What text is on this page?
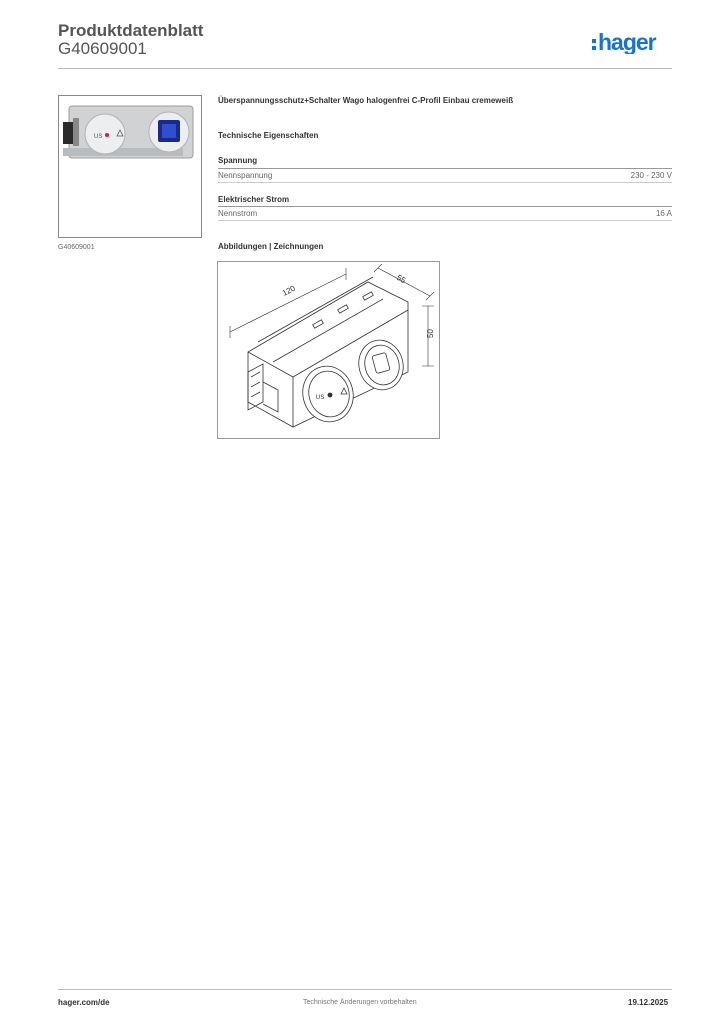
Produktdatenblatt
G40609001	hager
US
G40609001
Überspannungsschutz+Schalter Wago halogenfrei C-Profil Einbau cremeweiß
Technische Eigenschaften
Spannung
Nennspannung	230 - 230 V
Elektrischer Strom
Nennstrom	16 A
Abbildungen | Zeichnungen
US
120
55
50
hager.com/de	Technische Änderungen vorbehalten	19.12.2025
